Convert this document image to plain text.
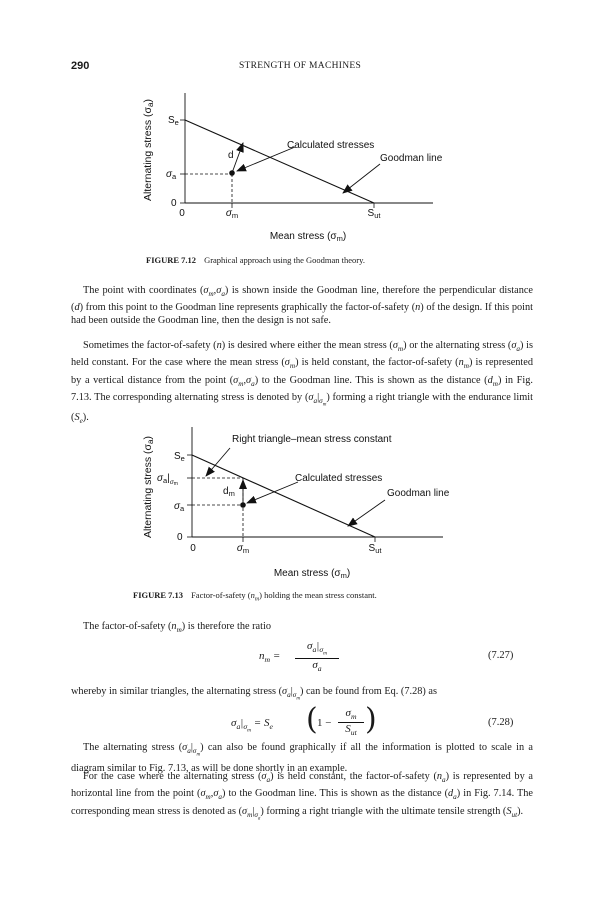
290	STRENGTH OF MACHINES
Alternating stress (σa)
$S_e$
$\sigma_a$
0
0	$\sigma_m$	$S_{ut}$
d
Calculated stresses
Goodman line
Mean stress $(\sigma_m)$
FIGURE 7.12 Graphical approach using the Goodman theory.
The point with coordinates $(\sigma_m,\sigma_a)$ is shown inside the Goodman line, therefore the perpendicular distance (d) from this point to the Goodman line represents graphically the factor-of-safety (n) of the design. If this point had been outside the Goodman line, then the design is not safe.
Sometimes the factor-of-safety (n) is desired where either the mean stress $(\sigma_m)$ or the alternating stress $(\sigma_a)$ is held constant. For the case where the mean stress $(\sigma_m)$ is held constant, the factor-of-safety $(n_m)$ is represented by a vertical distance from the point $(\sigma_m,\sigma_a)$ to the Goodman line. This is shown as the distance $(d_m)$ in Fig. 7.13. The corresponding alternating stress is denoted by $(\sigma_a|_{\sigma_m})$ forming a right triangle with the endurance limit $(S_e)$.
Alternating stress (σa)
$S_e$
$\sigma_a|_\sigma m$
$\sigma_a$
0
0	$\sigma_m$	$S_{ut}$
$d_m$
Right triangle–mean stress constant
Calculated stresses
Goodman line
Mean stress $(\sigma_m)$
FIGURE 7.13 Factor-of-safety $(n_m)$ holding the mean stress constant.
The factor-of-safety $(n_m)$ is therefore the ratio
$n_m$ =
$\sigma_a|_{\sigma_m}$
$\sigma_a$
(7.27)
whereby in similar triangles, the alternating stress $(\sigma_a|_{\sigma_m})$ can be found from Eq. (7.28) as
$\sigma_a|_{\sigma_m} = S_e$ ( 1 −
$\sigma_m$
$S_{ut}$ )	(7.28)
The alternating stress $(\sigma_a|_{\sigma_m})$ can also be found graphically if all the information is plotted to scale in a diagram similar to Fig. 7.13, as will be done shortly in an example.
For the case where the alternating stress $(\sigma_a)$ is held constant, the factor-of-safety $(n_a)$ is represented by a horizontal line from the point $(\sigma_m,\sigma_a)$ to the Goodman line. This is shown as the distance $(d_a)$ in Fig. 7.14. The corresponding mean stress is denoted as $(\sigma_m|_{\sigma_a})$ forming a right triangle with the ultimate tensile strength $(S_{ut})$.
